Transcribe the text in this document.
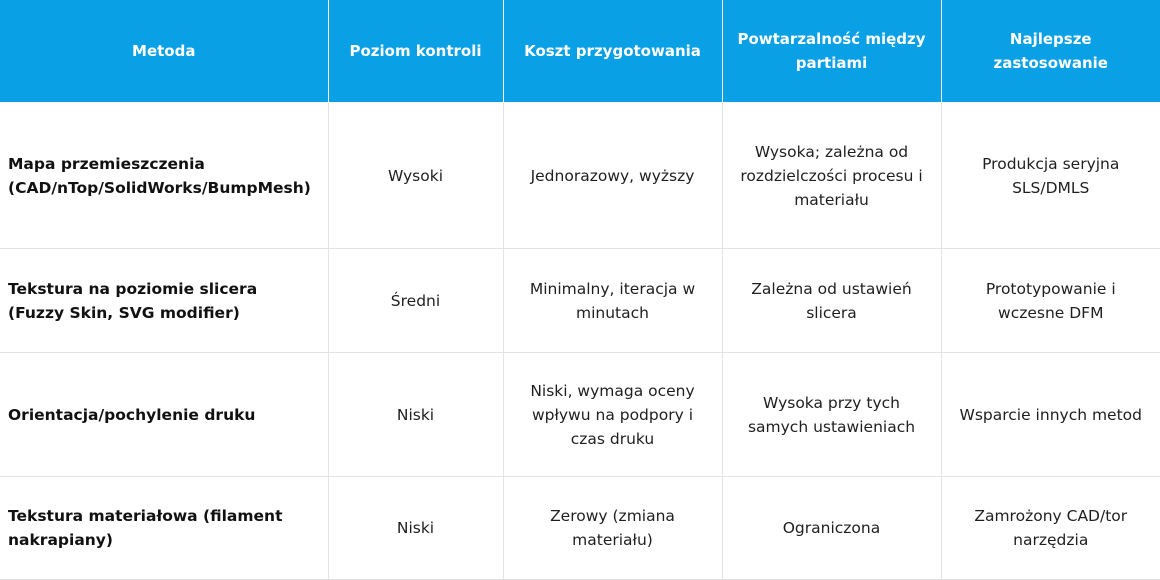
Metoda	Poziom kontroli	Koszt przygotowania	Powtarzalność między partiami	Najlepsze zastosowanie
Mapa przemieszczenia (CAD/nTop/SolidWorks/BumpMesh)	Wysoki	Jednorazowy, wyższy	Wysoka; zależna od rozdzielczości procesu i materiału	Produkcja seryjna SLS/DMLS
Tekstura na poziomie slicera (Fuzzy Skin, SVG modifier)	Średni	Minimalny, iteracja w minutach	Zależna od ustawień slicera	Prototypowanie i wczesne DFM
Orientacja/pochylenie druku	Niski	Niski, wymaga oceny wpływu na podpory i czas druku	Wysoka przy tych samych ustawieniach	Wsparcie innych metod
Tekstura materiałowa (filament nakrapiany)	Niski	Zerowy (zmiana materiału)	Ograniczona	Zamrożony CAD/tor narzędzia
